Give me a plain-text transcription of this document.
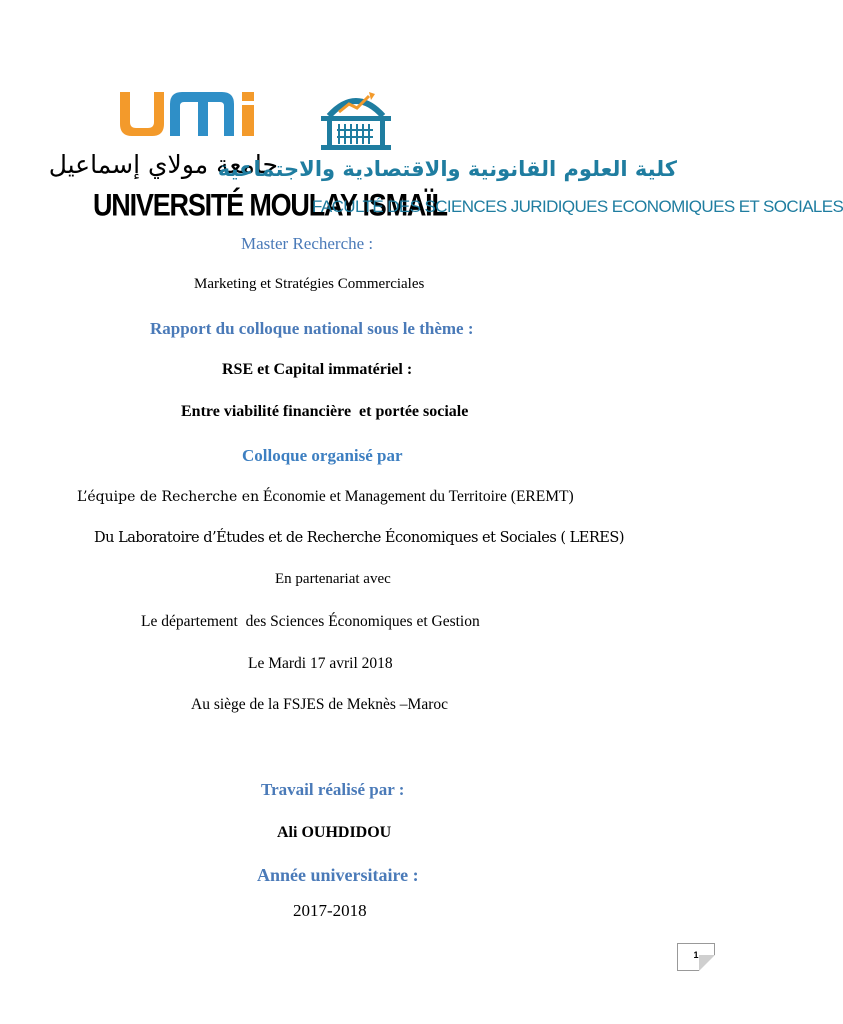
جامعة مولاي إسماعيل
UNIVERSITÉ MOULAY ISMAÏL
كلية العلوم القانونية والاقتصادية والاجتماعية
FACULTÉ DES SCIENCES JURIDIQUES ECONOMIQUES ET SOCIALES
Master Recherche :
Marketing et Stratégies Commerciales
Rapport du colloque national sous le thème :
RSE et Capital immatériel :
Entre viabilité financière  et portée sociale
Colloque organisé par
L’équipe de Recherche en Économie et Management du Territoire (EREMT)
Du Laboratoire d’Études et de Recherche Économiques et Sociales ( LERES)
En partenariat avec
Le département  des Sciences Économiques et Gestion
Le Mardi 17 avril 2018
Au siège de la FSJES de Meknès –Maroc
Travail réalisé par :
Ali OUHDIDOU
Année universitaire :
2017-2018
1
